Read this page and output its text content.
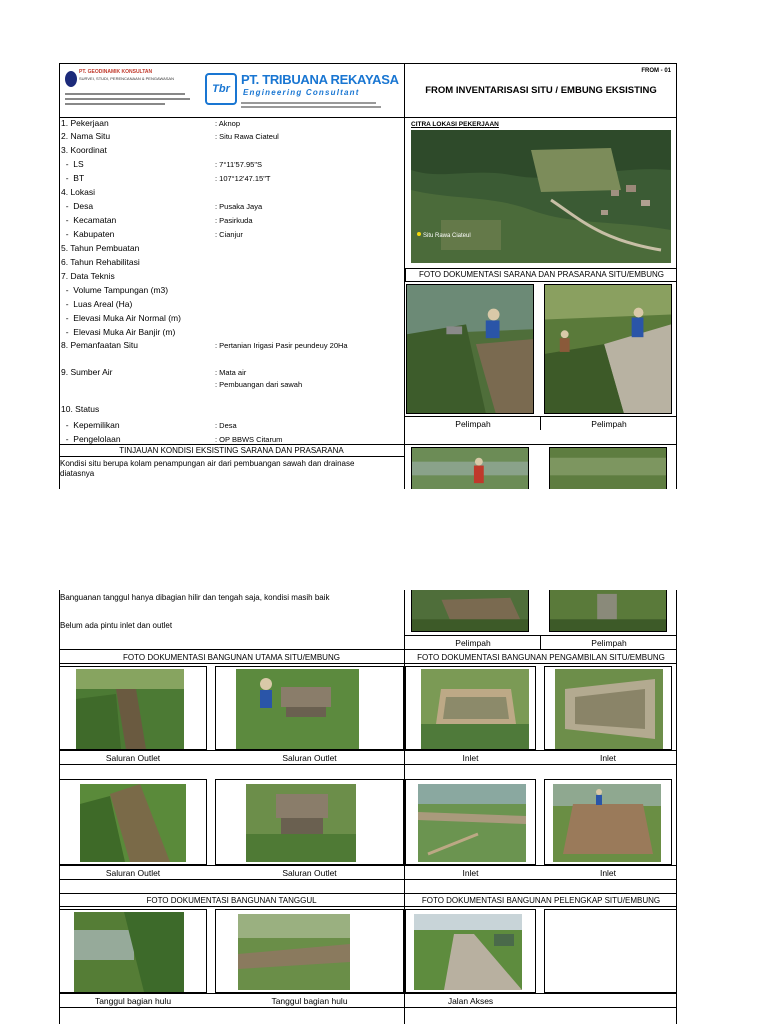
PT. GEODINAMIK KONSULTAN
SURVEI, STUDI, PERENCANAAN & PENGAWASAN
Tbr
PT. TRIBUANA REKAYASA
Engineering Consultant
FROM - 01
FROM INVENTARISASI SITU / EMBUNG EKSISTING
1. Pekerjaan	: Aknop
2. Nama Situ	: Situ Rawa Ciateul
3. Koordinat
-  LS	: 7°11'57.95"S
-  BT	: 107°12'47.15"T
4. Lokasi
-  Desa	: Pusaka Jaya
-  Kecamatan	: Pasirkuda
-  Kabupaten	: Cianjur
5. Tahun Pembuatan
6. Tahun Rehabilitasi
7. Data Teknis
-  Volume Tampungan (m3)
-  Luas Areal (Ha)
-  Elevasi Muka Air Normal (m)
-  Elevasi Muka Air Banjir (m)
8. Pemanfaatan Situ	: Pertanian Irigasi Pasir peundeuy 20Ha
9. Sumber Air	: Mata air
: Pembuangan dari sawah
10. Status
-  Kepemilikan	: Desa
-  Pengelolaan	: OP BBWS Citarum
CITRA LOKASI PEKERJAAN
Situ Rawa Ciateul
FOTO DOKUMENTASI SARANA DAN PRASARANA SITU/EMBUNG
Pelimpah	Pelimpah
TINJAUAN KONDISI EKSISTING SARANA DAN PRASARANA
Kondisi situ berupa kolam penampungan air dari pembuangan sawah dan drainase
diatasnya
Banguanan tanggul hanya dibagian hilir dan tengah saja, kondisi masih baik
Belum ada pintu inlet dan outlet
Pelimpah	Pelimpah
FOTO DOKUMENTASI BANGUNAN UTAMA SITU/EMBUNG	FOTO DOKUMENTASI BANGUNAN PENGAMBILAN SITU/EMBUNG
Saluran Outlet	Saluran Outlet	Inlet	Inlet
Saluran Outlet	Saluran Outlet	Inlet	Inlet
FOTO DOKUMENTASI BANGUNAN TANGGUL	FOTO DOKUMENTASI BANGUNAN PELENGKAP SITU/EMBUNG
Tanggul bagian hulu	Tanggul bagian hulu	Jalan Akses
